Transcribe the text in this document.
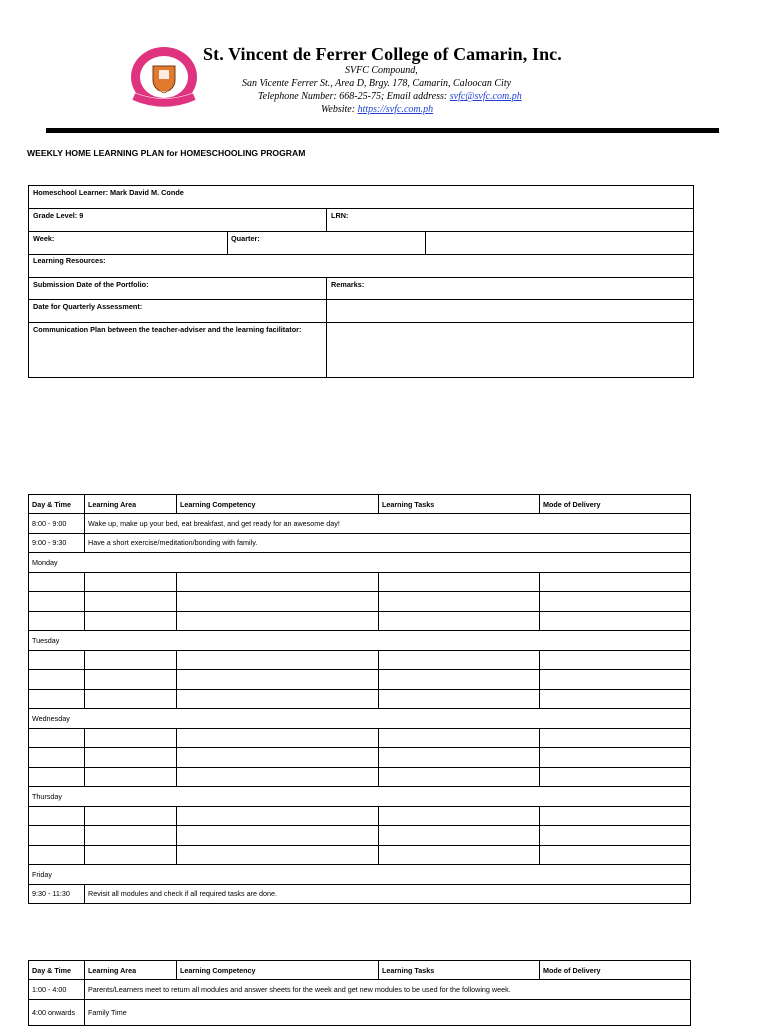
2001
St. Vincent de Ferrer College of Camarin, Inc.
SVFC Compound,
San Vicente Ferrer St., Area D, Brgy. 178, Camarin, Caloocan City
Telephone Number: 668-25-75; Email address: svfc@svfc.com.ph
Website: https://svfc.com.ph
WEEKLY HOME LEARNING PLAN for HOMESCHOOLING PROGRAM
Homeschool Learner: Mark David M. Conde
Grade Level: 9	LRN:
Week:	Quarter:
Learning Resources:
Submission Date of the Portfolio:	Remarks:
Date for Quarterly Assessment:
Communication Plan between the teacher-adviser and the learning facilitator:
Day & Time	Learning Area	Learning Competency	Learning Tasks	Mode of Delivery
8:00 - 9:00	Wake up, make up your bed, eat breakfast, and get ready for an awesome day!			
9:00 - 9:30	Have a short exercise/meditation/bonding with family.			
Monday				

Tuesday				

Wednesday				

Thursday				

Friday				
9:30 - 11:30	Revisit all modules and check if all required tasks are done.			
Day & Time	Learning Area	Learning Competency	Learning Tasks	Mode of Delivery
1:00 - 4:00	Parents/Learners meet to return all modules and answer sheets for the week and get new modules to be used for the following week.			
4:00 onwards	Family Time			
